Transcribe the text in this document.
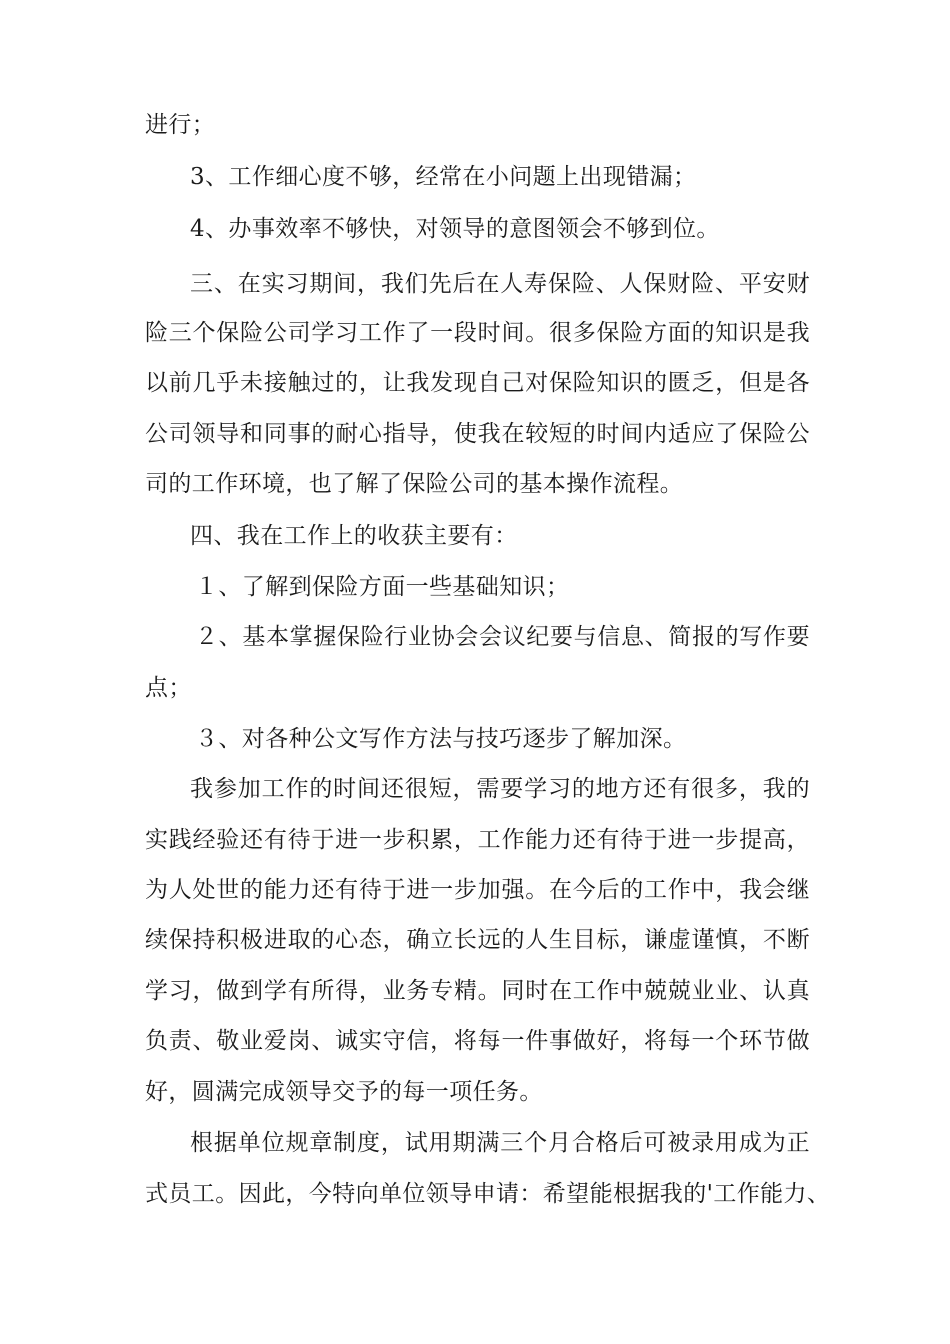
进行；
3、工作细心度不够，经常在小问题上出现错漏；
4、办事效率不够快，对领导的意图领会不够到位。
三、在实习期间，我们先后在人寿保险、人保财险、平安财
险三个保险公司学习工作了一段时间。很多保险方面的知识是我
以前几乎未接触过的，让我发现自己对保险知识的匮乏，但是各
公司领导和同事的耐心指导，使我在较短的时间内适应了保险公
司的工作环境，也了解了保险公司的基本操作流程。
四、我在工作上的收获主要有：
１、了解到保险方面一些基础知识；
２、基本掌握保险行业协会会议纪要与信息、简报的写作要
点；
３、对各种公文写作方法与技巧逐步了解加深。
我参加工作的时间还很短，需要学习的地方还有很多，我的
实践经验还有待于进一步积累，工作能力还有待于进一步提高，
为人处世的能力还有待于进一步加强。在今后的工作中，我会继
续保持积极进取的心态，确立长远的人生目标，谦虚谨慎，不断
学习，做到学有所得，业务专精。同时在工作中兢兢业业、认真
负责、敬业爱岗、诚实守信，将每一件事做好，将每一个环节做
好，圆满完成领导交予的每一项任务。
根据单位规章制度，试用期满三个月合格后可被录用成为正
式员工。因此，今特向单位领导申请：希望能根据我的'工作能力、
